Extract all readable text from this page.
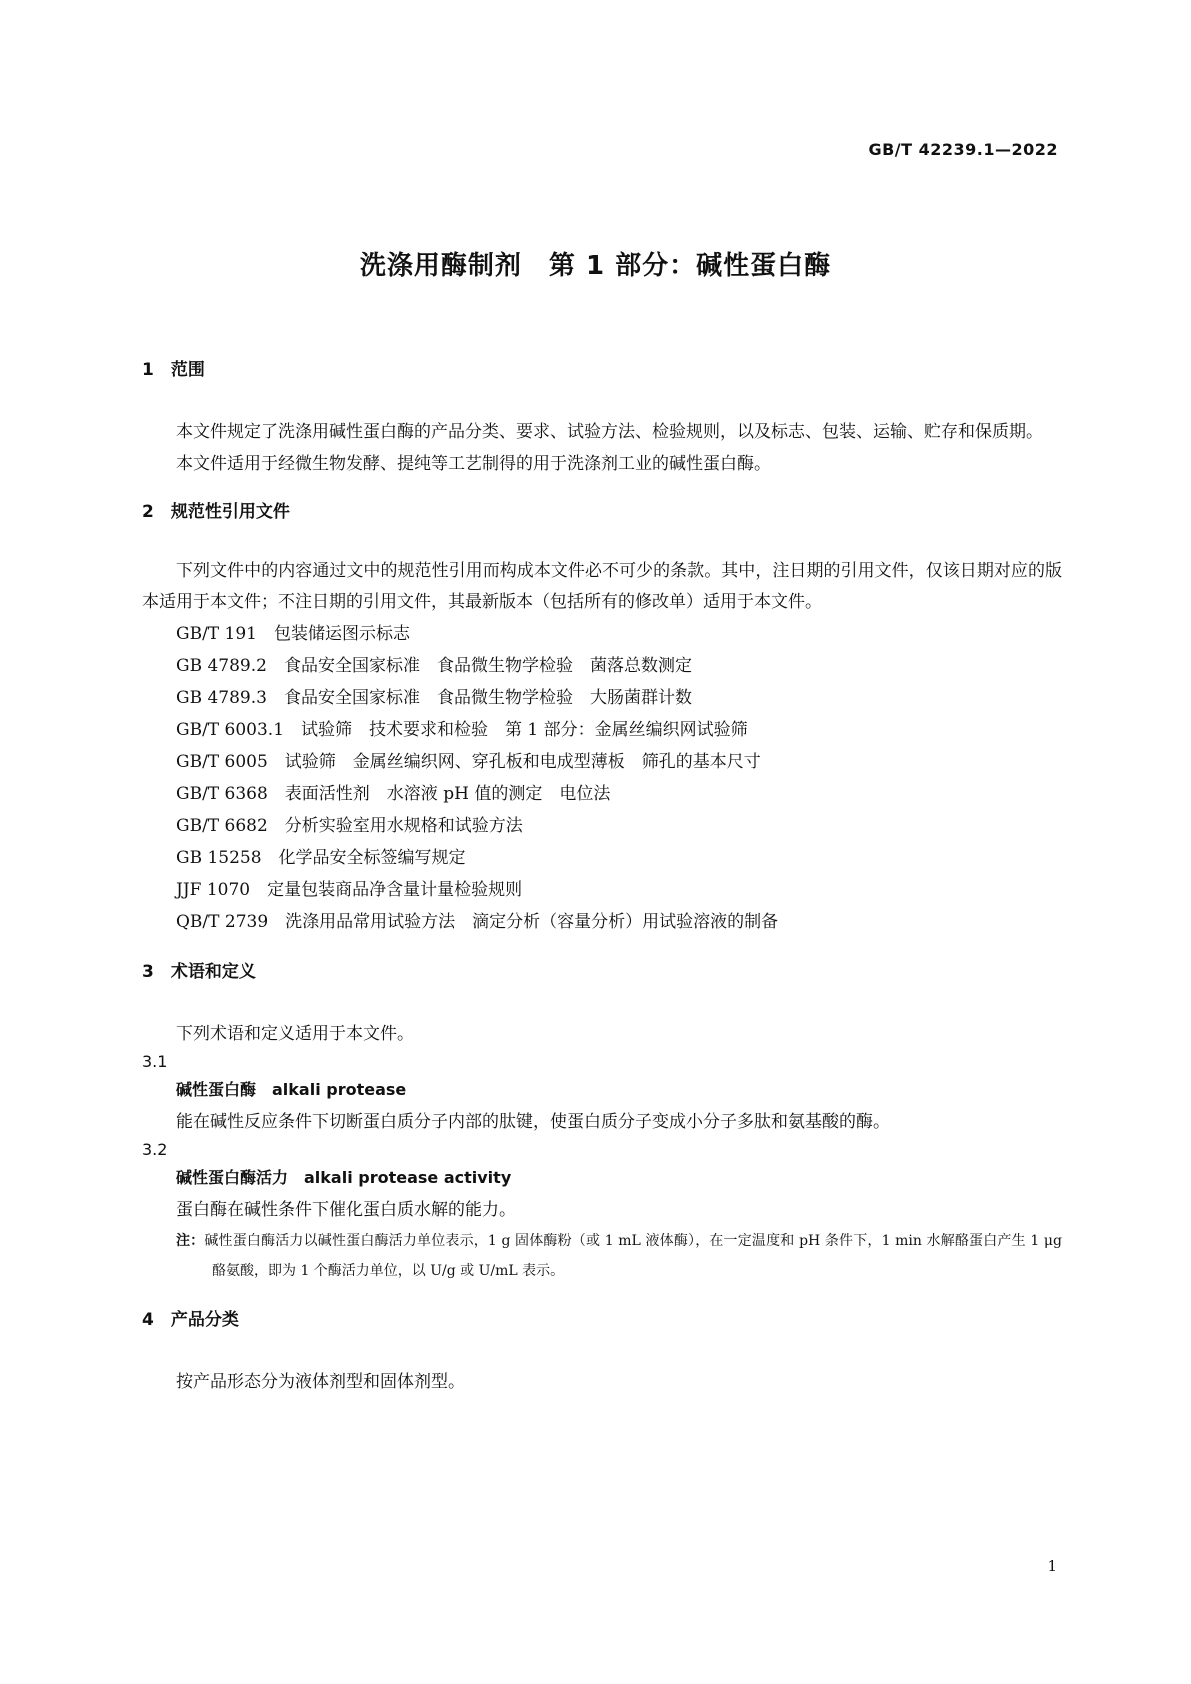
GB/T 42239.1—2022

洗涤用酶制剂　第 1 部分：碱性蛋白酶
1　范围

本文件规定了洗涤用碱性蛋白酶的产品分类、要求、试验方法、检验规则，以及标志、包装、运输、贮存和保质期。

本文件适用于经微生物发酵、提纯等工艺制得的用于洗涤剂工业的碱性蛋白酶。

2　规范性引用文件

下列文件中的内容通过文中的规范性引用而构成本文件必不可少的条款。其中，注日期的引用文件，仅该日期对应的版本适用于本文件；不注日期的引用文件，其最新版本（包括所有的修改单）适用于本文件。

GB/T 191　包装储运图示标志

GB 4789.2　食品安全国家标准　食品微生物学检验　菌落总数测定

GB 4789.3　食品安全国家标准　食品微生物学检验　大肠菌群计数

GB/T 6003.1　试验筛　技术要求和检验　第 1 部分：金属丝编织网试验筛

GB/T 6005　试验筛　金属丝编织网、穿孔板和电成型薄板　筛孔的基本尺寸

GB/T 6368　表面活性剂　水溶液 pH 值的测定　电位法

GB/T 6682　分析实验室用水规格和试验方法

GB 15258　化学品安全标签编写规定

JJF 1070　定量包装商品净含量计量检验规则

QB/T 2739　洗涤用品常用试验方法　滴定分析（容量分析）用试验溶液的制备

3　术语和定义

下列术语和定义适用于本文件。

3.1

碱性蛋白酶　alkali protease

能在碱性反应条件下切断蛋白质分子内部的肽键，使蛋白质分子变成小分子多肽和氨基酸的酶。

3.2

碱性蛋白酶活力　alkali protease activity

蛋白酶在碱性条件下催化蛋白质水解的能力。

注：碱性蛋白酶活力以碱性蛋白酶活力单位表示，1 g 固体酶粉（或 1 mL 液体酶），在一定温度和 pH 条件下，1 min 水解酪蛋白产生 1 μg 酪氨酸，即为 1 个酶活力单位，以 U/g 或 U/mL 表示。

4　产品分类

按产品形态分为液体剂型和固体剂型。

1
